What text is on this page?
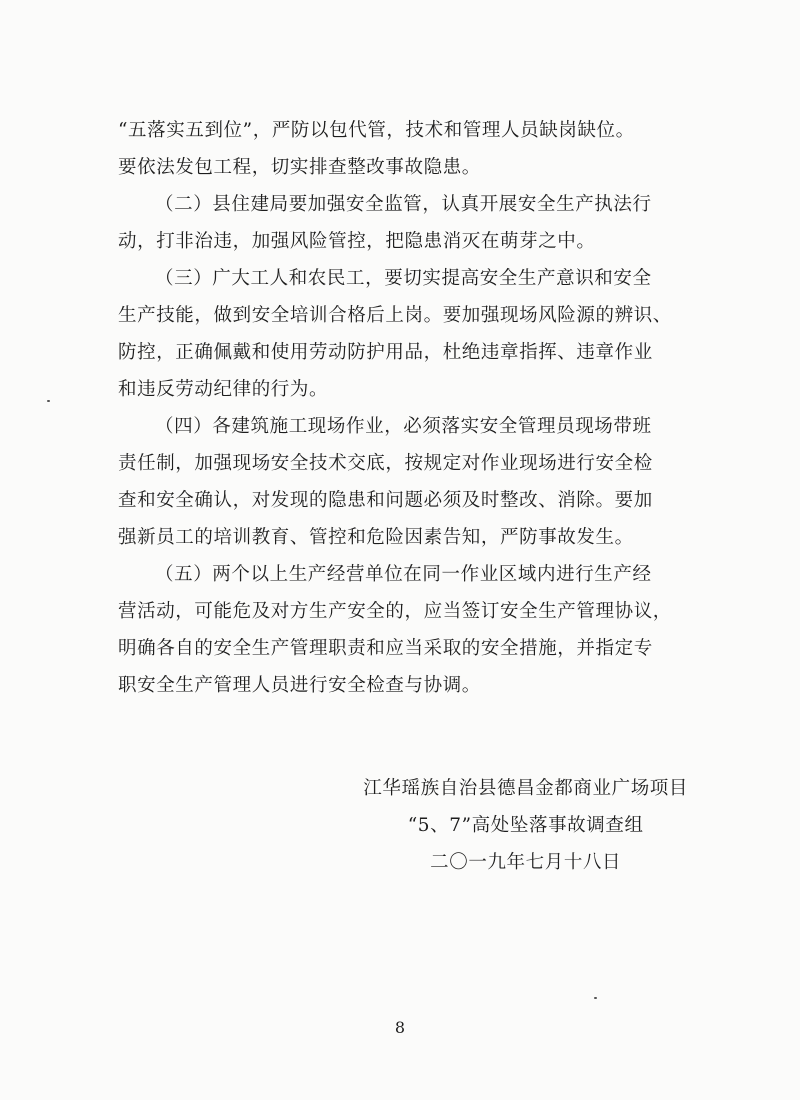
“五落实五到位”，严防以包代管，技术和管理人员缺岗缺位。
要依法发包工程，切实排查整改事故隐患。

（二）县住建局要加强安全监管，认真开展安全生产执法行
动，打非治违，加强风险管控，把隐患消灭在萌芽之中。

（三）广大工人和农民工，要切实提高安全生产意识和安全
生产技能，做到安全培训合格后上岗。要加强现场风险源的辨识、
防控，正确佩戴和使用劳动防护用品，杜绝违章指挥、违章作业
和违反劳动纪律的行为。

（四）各建筑施工现场作业，必须落实安全管理员现场带班
责任制，加强现场安全技术交底，按规定对作业现场进行安全检
查和安全确认，对发现的隐患和问题必须及时整改、消除。要加
强新员工的培训教育、管控和危险因素告知，严防事故发生。

（五）两个以上生产经营单位在同一作业区域内进行生产经
营活动，可能危及对方生产安全的，应当签订安全生产管理协议，
明确各自的安全生产管理职责和应当采取的安全措施，并指定专
职安全生产管理人员进行安全检查与协调。

江华瑶族自治县德昌金都商业广场项目
“5、7”高处坠落事故调查组
二〇一九年七月十八日
8
